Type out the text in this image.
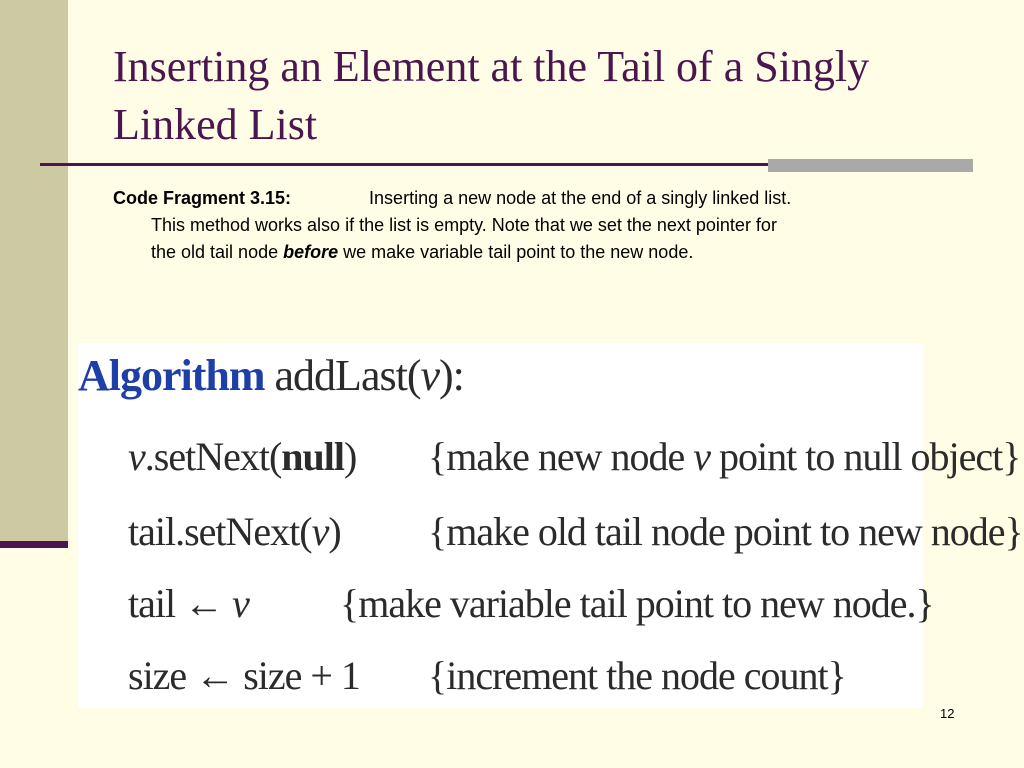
Inserting an Element at the Tail of a Singly Linked List
Code Fragment 3.15:	Inserting a new node at the end of a singly linked list.
This method works also if the list is empty. Note that we set the next pointer for
the old tail node before we make variable tail point to the new node.
Algorithm addLast(v):
v.setNext(null) {make new node v point to null object}
tail.setNext(v) {make old tail node point to new node}
tail ← v {make variable tail point to new node.}
size ← size + 1 {increment the node count}
12
